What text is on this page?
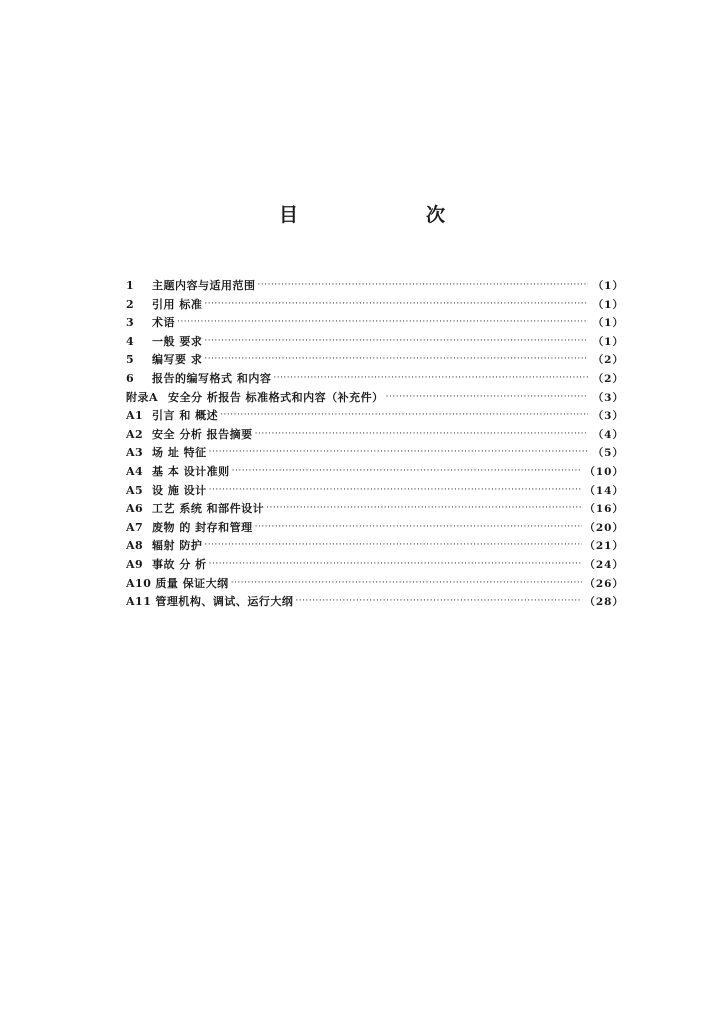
目　　次
1	主题内容与适用范围 ·····	（1）
2	引用 标准 ·····	（1）
3	术语 ·····	（1）
4	一般 要求 ·····	（1）
5	编写要 求 ·····	（2）
6	报告的编写格式 和内容 ·····	（2）
附录A 安全分 析报告 标准格式和内容（补充件） ·····	（3）
A1 引言 和 概述 ·····	（3）
A2 安全 分析 报告摘要 ·····	（4）
A3 场 址 特征 ·····	（5）
A4 基 本 设计准则 ·····	（10）
A5 设 施 设计 ·····	（14）
A6 工艺 系统 和部件设计 ·····	（16）
A7 废物 的 封存和管理 ·····	（20）
A8 辐射 防护 ·····	（21）
A9 事故 分 析 ·····	（24）
A10 质量 保证大纲 ·····	（26）
A11 管理机构、调试、运行大纲 ·····	（28）
